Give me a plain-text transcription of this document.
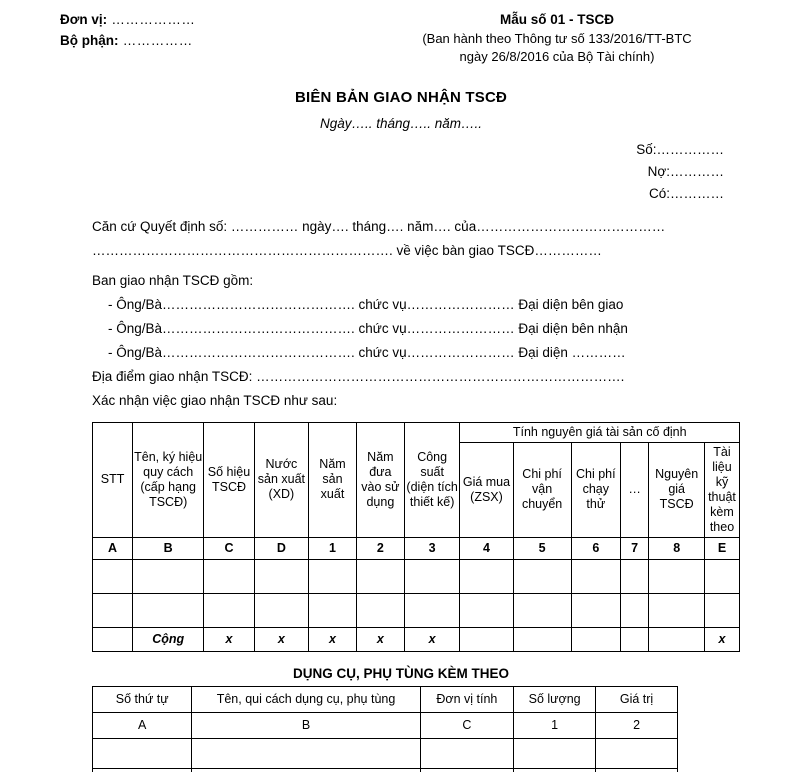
Đơn vị: ………………
Bộ phận: ……………
Mẫu số 01 - TSCĐ
(Ban hành theo Thông tư số 133/2016/TT-BTC
ngày 26/8/2016 của Bộ Tài chính)
BIÊN BẢN GIAO NHẬN TSCĐ
Ngày….. tháng….. năm…..
Số:……………
Nợ:…………
Có:…………

Căn cứ Quyết định số: …………… ngày…. tháng…. năm…. của……………………………………

…………………………………………………………. về việc bàn giao TSCĐ……………

Ban giao nhận TSCĐ gồm:

- Ông/Bà……………………………………. chức vụ…………………… Đại diện bên giao

- Ông/Bà……………………………………. chức vụ…………………… Đại diện bên nhận

- Ông/Bà……………………………………. chức vụ…………………… Đại diện …………

Địa điểm giao nhận TSCĐ: ……………………………………………………………………….

Xác nhận việc giao nhận TSCĐ như sau:

STT	Tên, ký hiệu quy cách (cấp hạng TSCĐ)	Số hiệu TSCĐ	Nước sản xuất (XD)	Năm sản xuất	Năm đưa vào sử dụng	Công suất (diện tích thiết kế)	Tính nguyên giá tài sản cố định					
							Giá mua (ZSX)	Chi phí vận chuyển	Chi phí chạy thử	…	Nguyên giá TSCĐ	Tài liệu kỹ thuật kèm theo
A	B	C	D	1	2	3	4	5	6	7	8	E

	Cộng	x	x	x	x	x						x
DỤNG CỤ, PHỤ TÙNG KÈM THEO
Số thứ tự	Tên, qui cách dụng cụ, phụ tùng	Đơn vị tính	Số lượng	Giá trị
A	B	C	1	2
